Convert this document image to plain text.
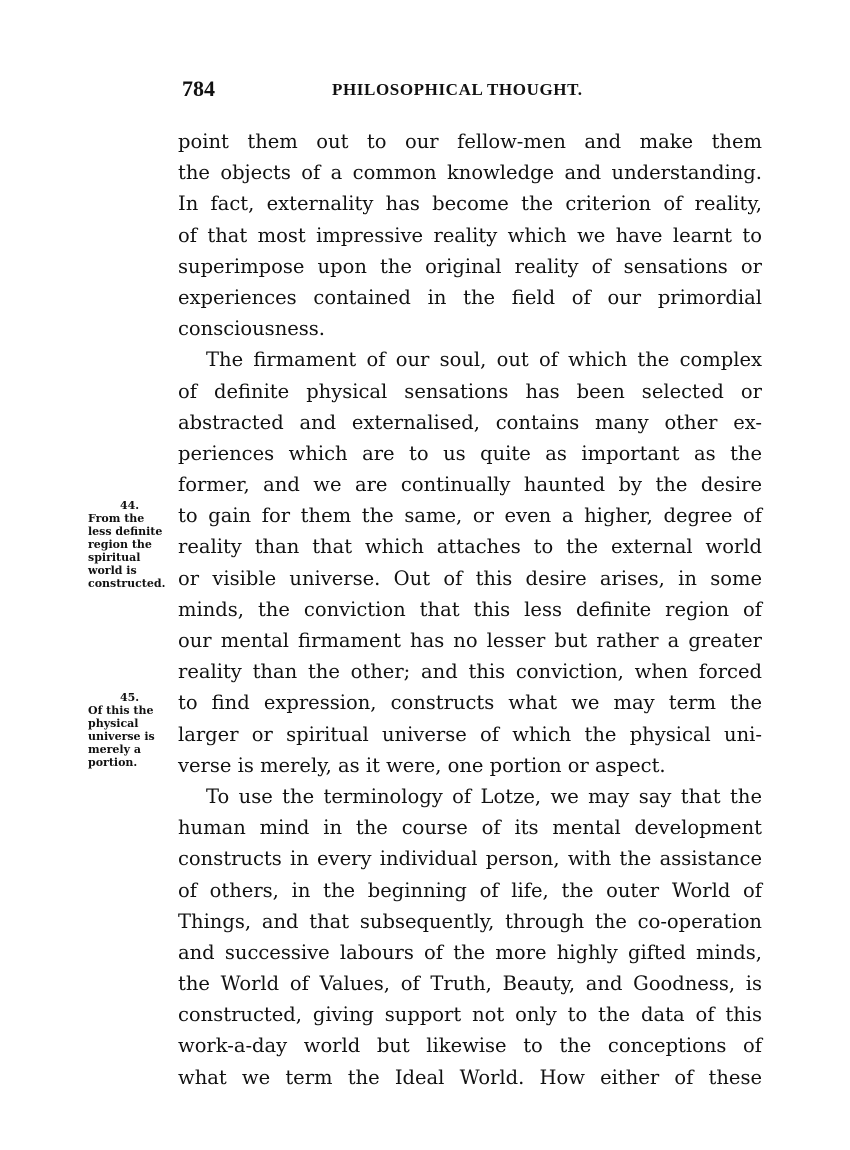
784	PHILOSOPHICAL THOUGHT.
44.
From the
less definite
region the
spiritual
world is
constructed.
45.
Of this the
physical
universe is
merely a
portion.
point them out to our fellow-men and make them
the objects of a common knowledge and understanding.
In fact, externality has become the criterion of reality,
of that most impressive reality which we have learnt to
superimpose upon the original reality of sensations or
experiences contained in the field of our primordial
consciousness.
The firmament of our soul, out of which the complex
of definite physical sensations has been selected or
abstracted and externalised, contains many other ex-
periences which are to us quite as important as the
former, and we are continually haunted by the desire
to gain for them the same, or even a higher, degree of
reality than that which attaches to the external world
or visible universe. Out of this desire arises, in some
minds, the conviction that this less definite region of
our mental firmament has no lesser but rather a greater
reality than the other; and this conviction, when forced
to find expression, constructs what we may term the
larger or spiritual universe of which the physical uni-
verse is merely, as it were, one portion or aspect.
To use the terminology of Lotze, we may say that the
human mind in the course of its mental development
constructs in every individual person, with the assistance
of others, in the beginning of life, the outer World of
Things, and that subsequently, through the co-operation
and successive labours of the more highly gifted minds,
the World of Values, of Truth, Beauty, and Goodness, is
constructed, giving support not only to the data of this
work-a-day world but likewise to the conceptions of
what we term the Ideal World. How either of these
